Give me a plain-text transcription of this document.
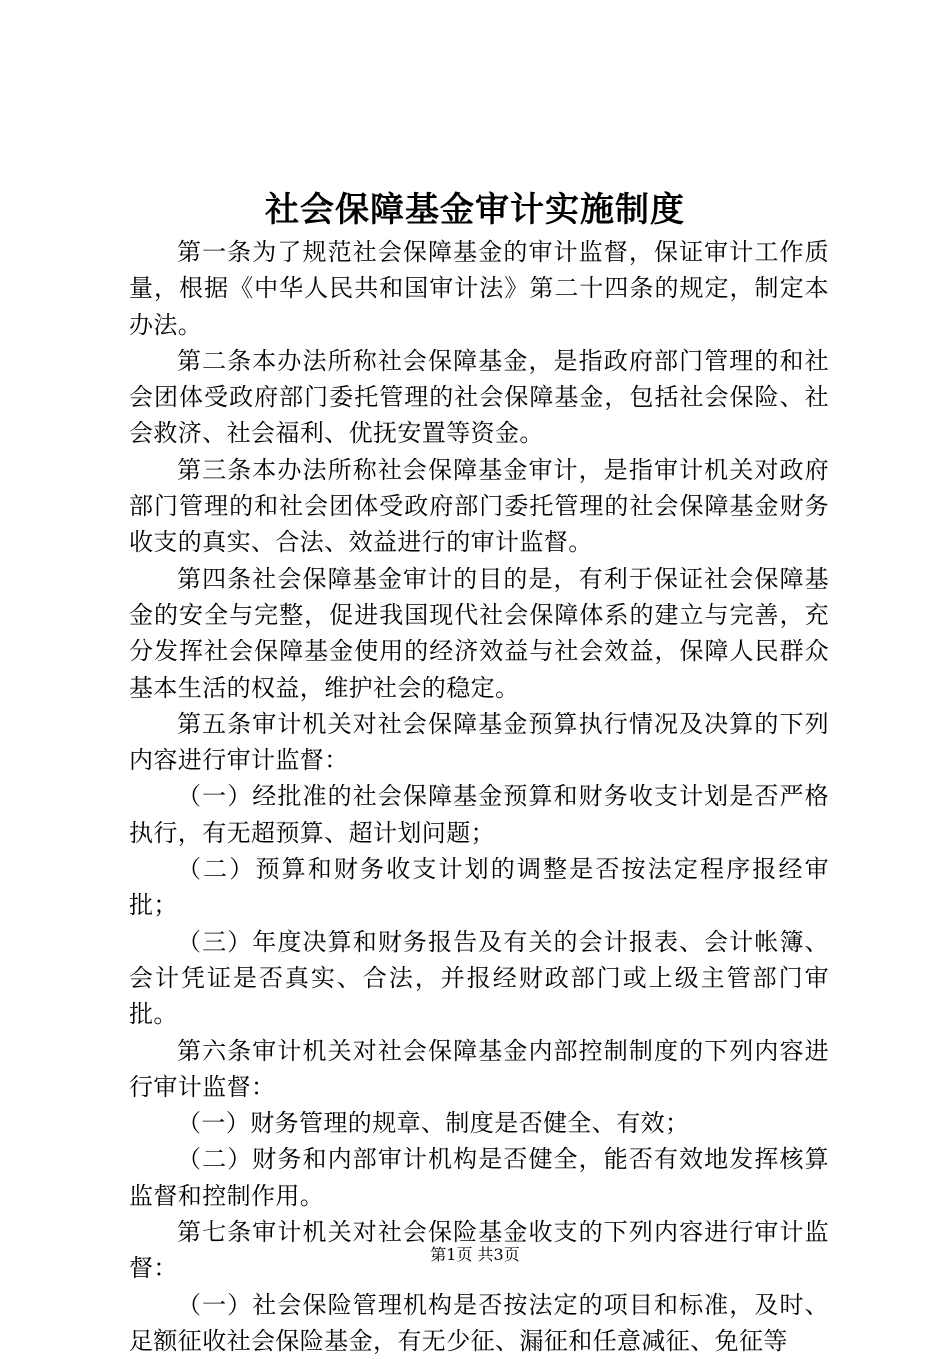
社会保障基金审计实施制度

第一条为了规范社会保障基金的审计监督，保证审计工作质量，根据《中华人民共和国审计法》第二十四条的规定，制定本办法。

第二条本办法所称社会保障基金，是指政府部门管理的和社会团体受政府部门委托管理的社会保障基金，包括社会保险、社会救济、社会福利、优抚安置等资金。

第三条本办法所称社会保障基金审计，是指审计机关对政府部门管理的和社会团体受政府部门委托管理的社会保障基金财务收支的真实、合法、效益进行的审计监督。

第四条社会保障基金审计的目的是，有利于保证社会保障基金的安全与完整，促进我国现代社会保障体系的建立与完善，充分发挥社会保障基金使用的经济效益与社会效益，保障人民群众基本生活的权益，维护社会的稳定。

第五条审计机关对社会保障基金预算执行情况及决算的下列内容进行审计监督：

（一）经批准的社会保障基金预算和财务收支计划是否严格执行，有无超预算、超计划问题；

（二）预算和财务收支计划的调整是否按法定程序报经审批；

（三）年度决算和财务报告及有关的会计报表、会计帐簿、会计凭证是否真实、合法，并报经财政部门或上级主管部门审批。

第六条审计机关对社会保障基金内部控制制度的下列内容进行审计监督：

（一）财务管理的规章、制度是否健全、有效；

（二）财务和内部审计机构是否健全，能否有效地发挥核算监督和控制作用。

第七条审计机关对社会保险基金收支的下列内容进行审计监督：

（一）社会保险管理机构是否按法定的项目和标准，及时、足额征收社会保险基金，有无少征、漏征和任意减征、免征等

第1页 共3页
